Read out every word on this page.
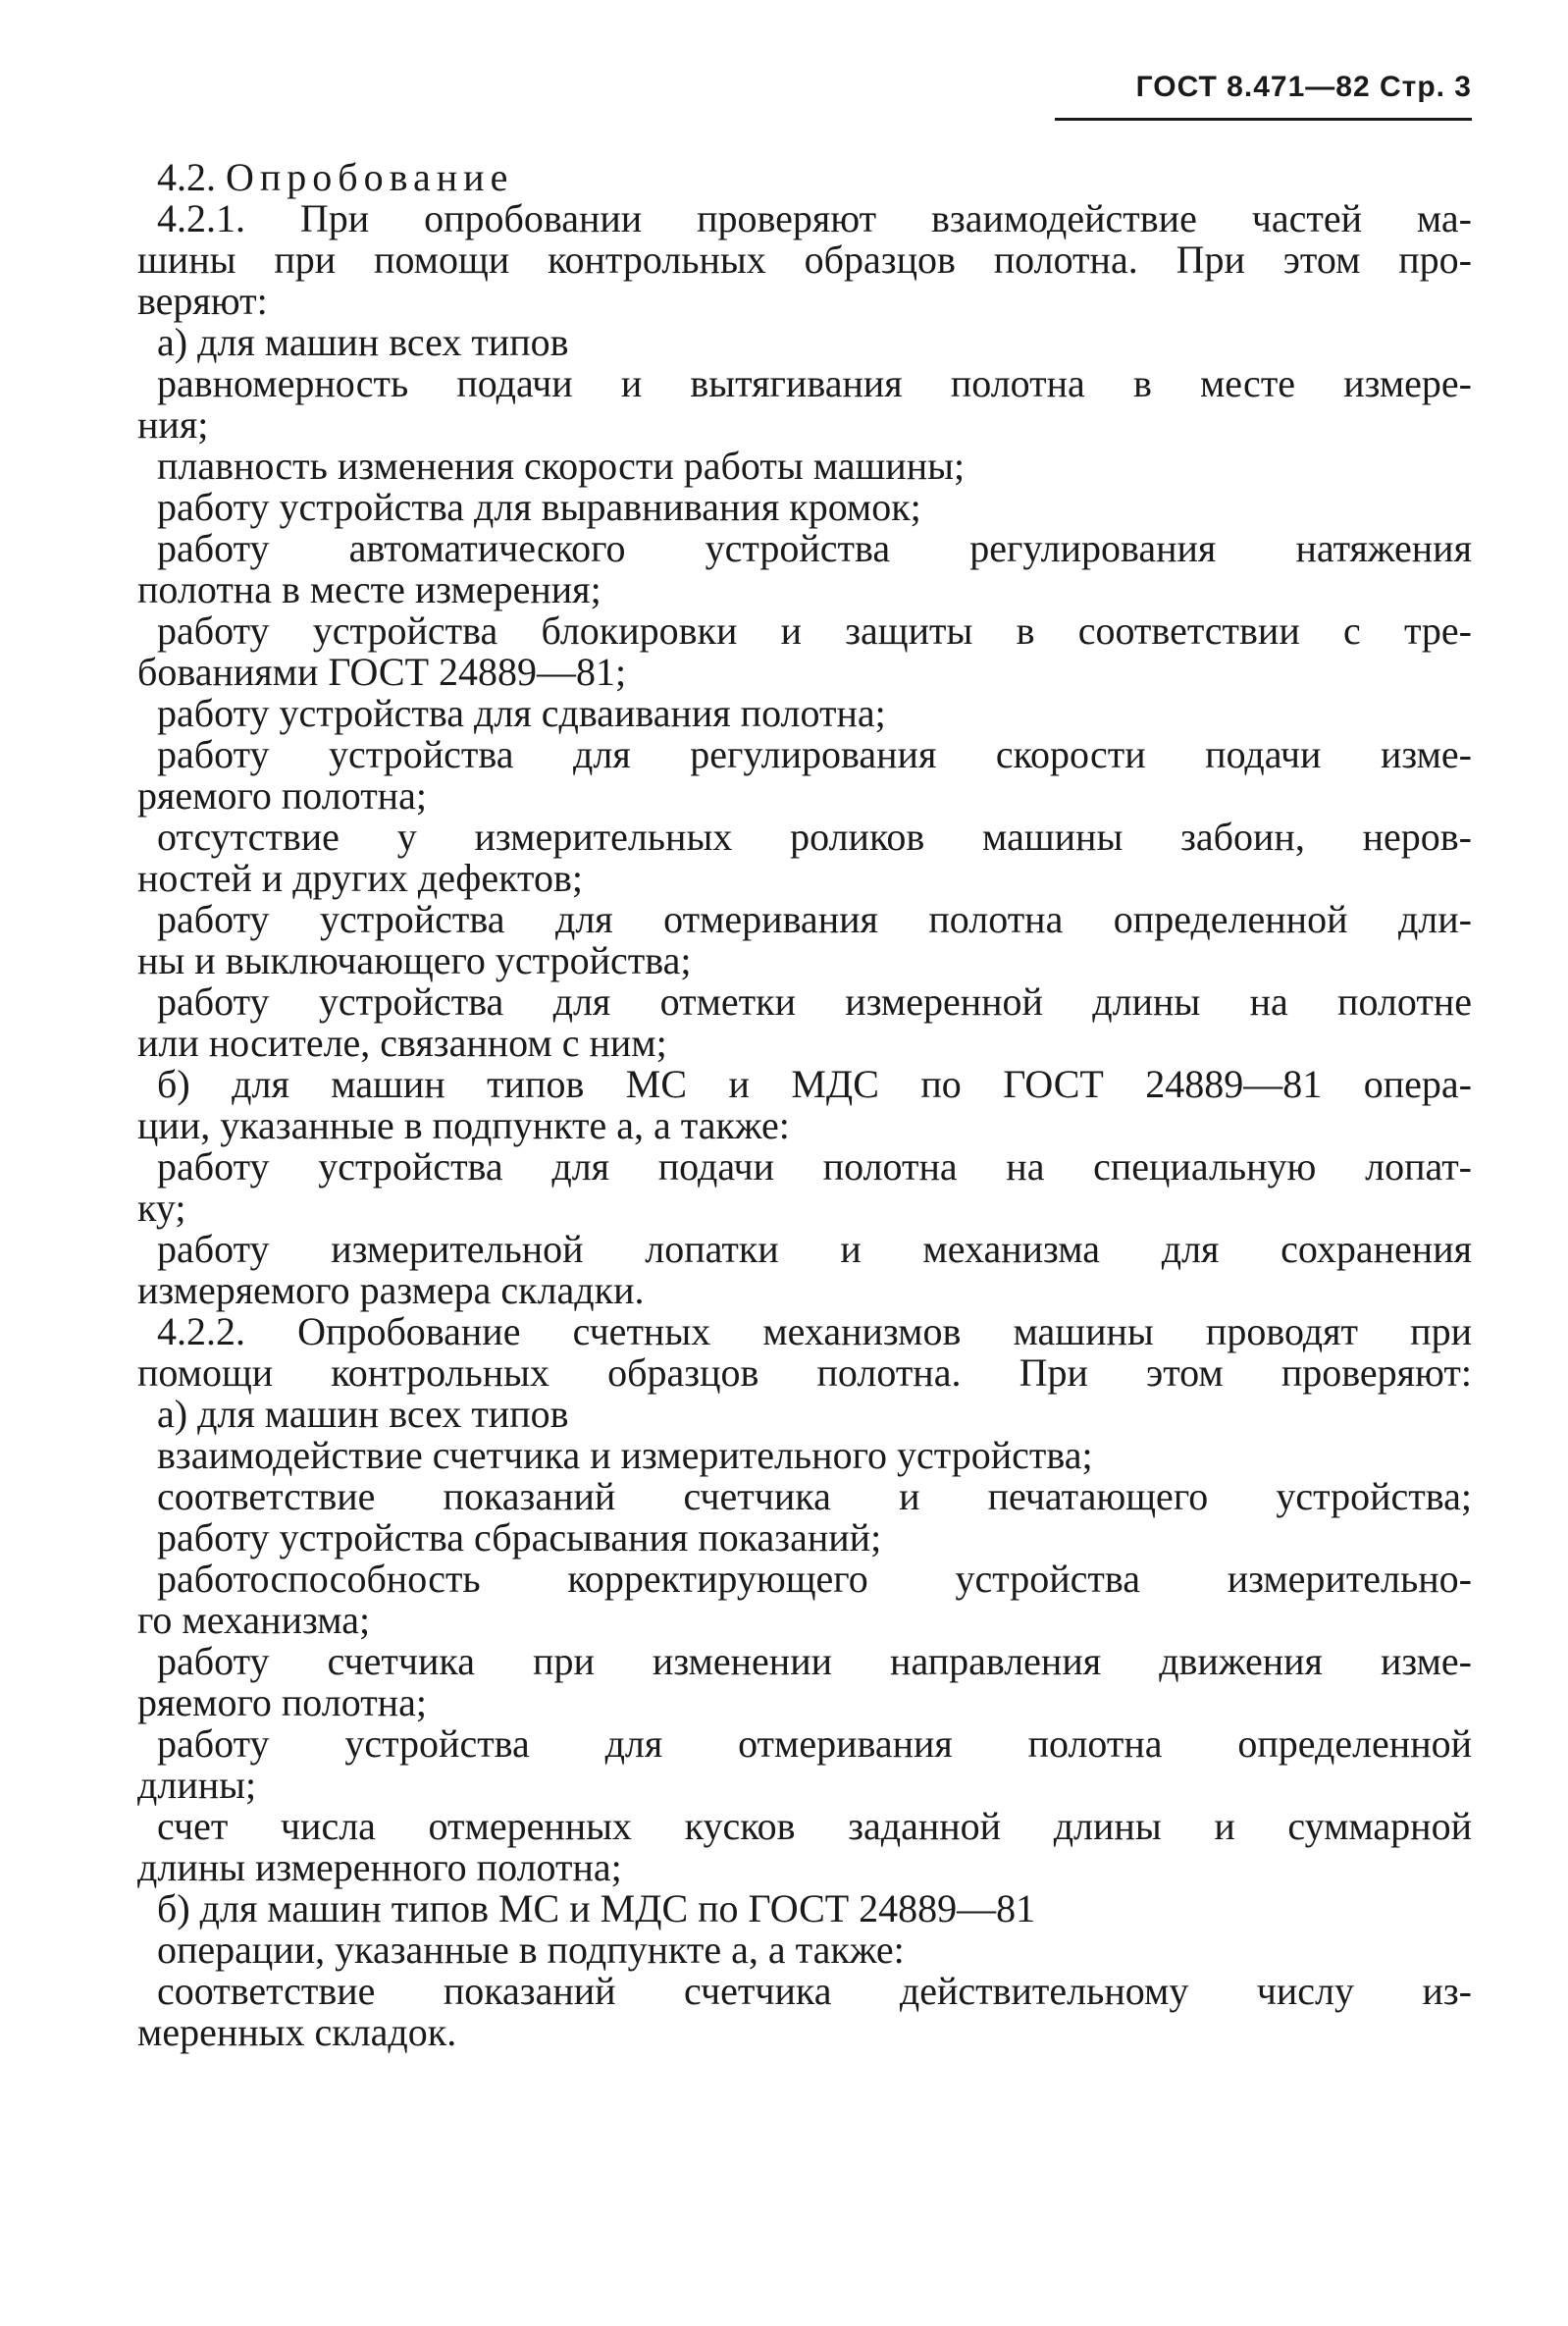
ГОСТ 8.471—82 Стр. 3
4.2. Опробование
4.2.1. При опробовании проверяют взаимодействие частей ма-
шины при помощи контрольных образцов полотна. При этом про-
веряют:
а) для машин всех типов
равномерность подачи и вытягивания полотна в месте измере-
ния;
плавность изменения скорости работы машины;
работу устройства для выравнивания кромок;
работу автоматического устройства регулирования натяжения
полотна в месте измерения;
работу устройства блокировки и защиты в соответствии с тре-
бованиями ГОСТ 24889—81;
работу устройства для сдваивания полотна;
работу устройства для регулирования скорости подачи изме-
ряемого полотна;
отсутствие у измерительных роликов машины забоин, неров-
ностей и других дефектов;
работу устройства для отмеривания полотна определенной дли-
ны и выключающего устройства;
работу устройства для отметки измеренной длины на полотне
или носителе, связанном с ним;
б) для машин типов МС и МДС по ГОСТ 24889—81 опера-
ции, указанные в подпункте а, а также:
работу устройства для подачи полотна на специальную лопат-
ку;
работу измерительной лопатки и механизма для сохранения
измеряемого размера складки.
4.2.2. Опробование счетных механизмов машины проводят при
помощи контрольных образцов полотна. При этом проверяют:
а) для машин всех типов
взаимодействие счетчика и измерительного устройства;
соответствие показаний счетчика и печатающего устройства;
работу устройства сбрасывания показаний;
работоспособность корректирующего устройства измерительно-
го механизма;
работу счетчика при изменении направления движения изме-
ряемого полотна;
работу устройства для отмеривания полотна определенной
длины;
счет числа отмеренных кусков заданной длины и суммарной
длины измеренного полотна;
б) для машин типов МС и МДС по ГОСТ 24889—81
операции, указанные в подпункте а, а также:
соответствие показаний счетчика действительному числу из-
меренных складок.
